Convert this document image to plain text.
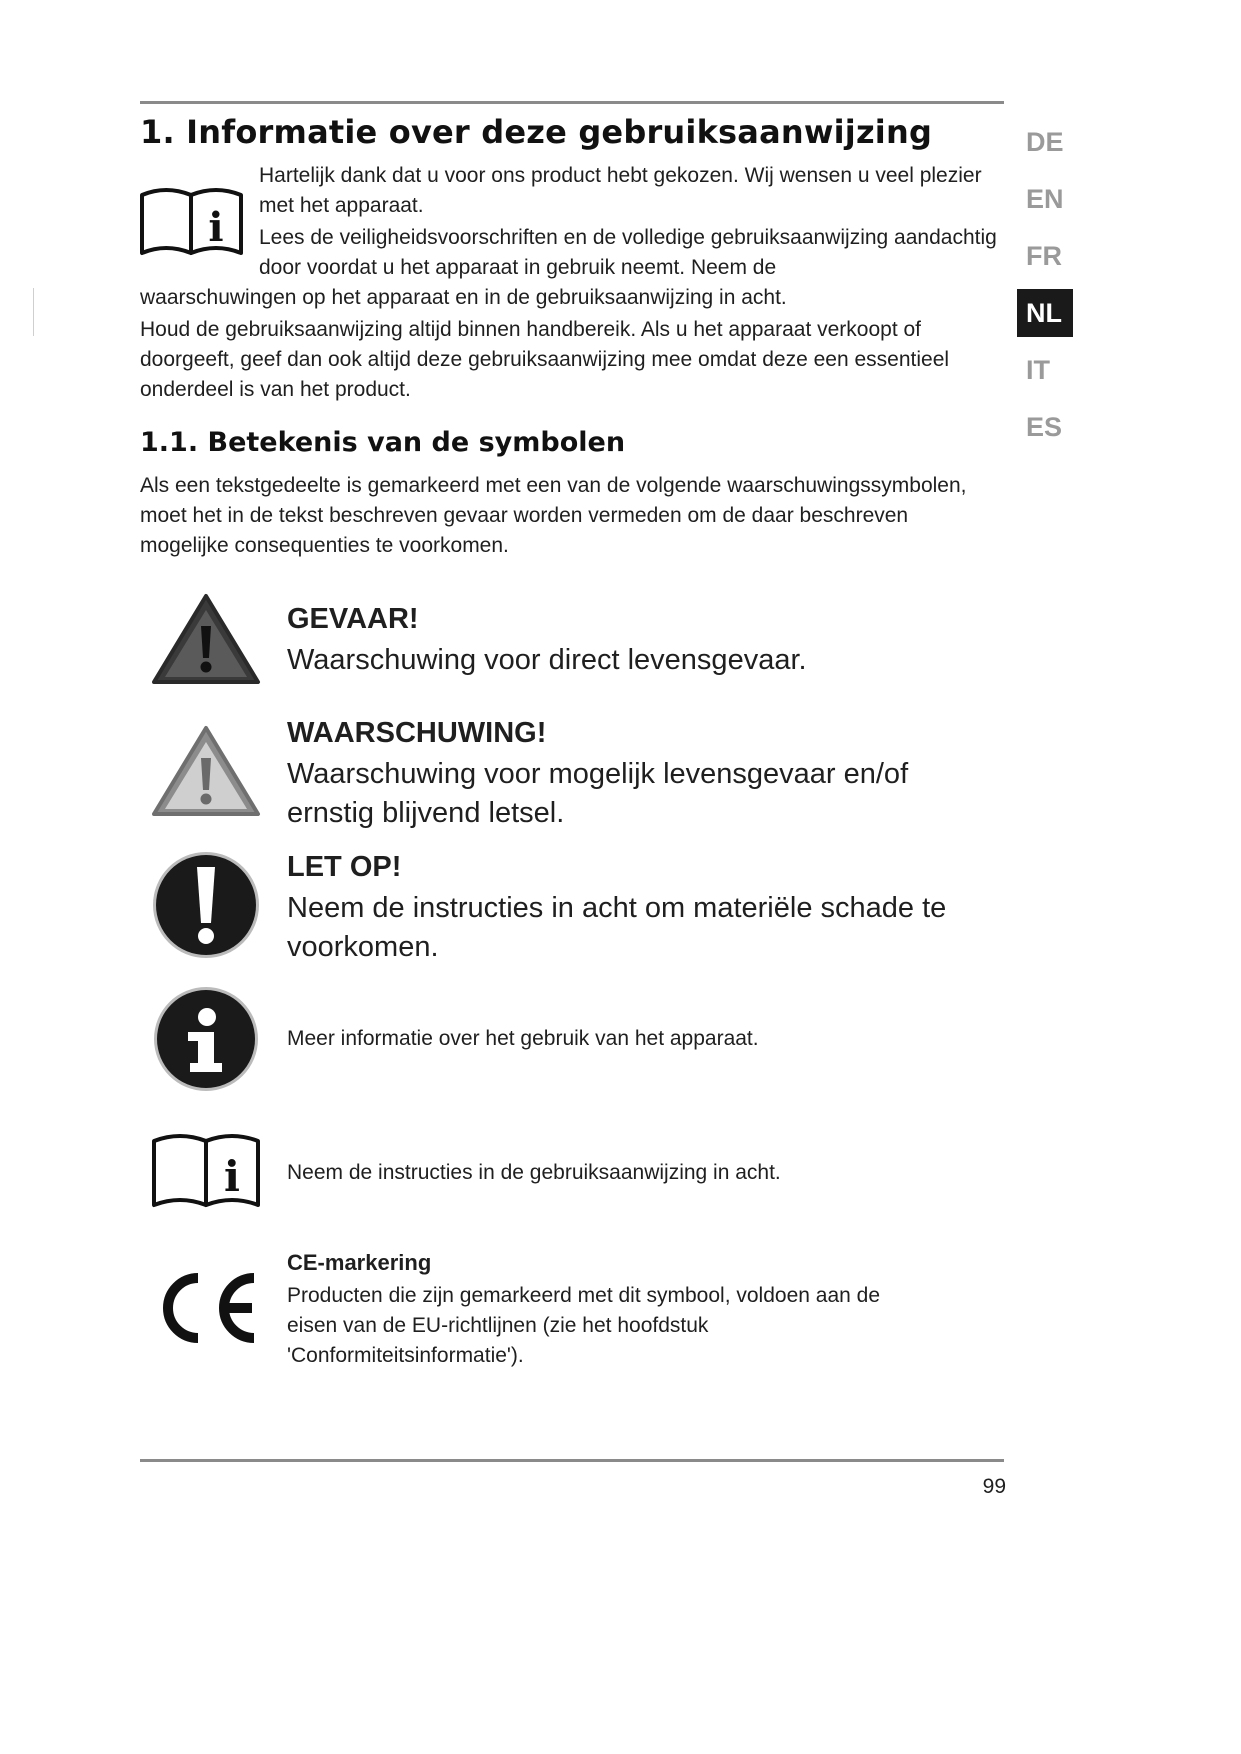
DE
EN
FR
NL
IT
ES
1. Informatie over deze gebruiksaanwijzing
i

Hartelijk dank dat u voor ons product hebt gekozen. Wij wensen u veel plezier met het apparaat.

Lees de veiligheidsvoorschriften en de volledige gebruiksaanwijzing aandachtig door voordat u het apparaat in gebruik neemt. Neem de
waarschuwingen op het apparaat en in de gebruiksaanwijzing in acht.

Houd de gebruiksaanwijzing altijd binnen handbereik. Als u het apparaat verkoopt of doorgeeft, geef dan ook altijd deze gebruiksaanwijzing mee omdat deze een essentieel onderdeel is van het product.

1.1. Betekenis van de symbolen

Als een tekstgedeelte is gemarkeerd met een van de volgende waarschuwingssymbolen, moet het in de tekst beschreven gevaar worden vermeden om de daar beschreven mogelijke consequenties te voorkomen.

GEVAAR!

Waarschuwing voor direct levensgevaar.

WAARSCHUWING!

Waarschuwing voor mogelijk levensgevaar en/of ernstig blijvend letsel.

LET OP!

Neem de instructies in acht om materiële schade te voorkomen.

Meer informatie over het gebruik van het apparaat.

i Neem de instructies in de gebruiksaanwijzing in acht.

CE-markering

Producten die zijn gemarkeerd met dit symbool, voldoen aan de eisen van de EU-richtlijnen (zie het hoofdstuk 'Conformiteitsinformatie').

99
